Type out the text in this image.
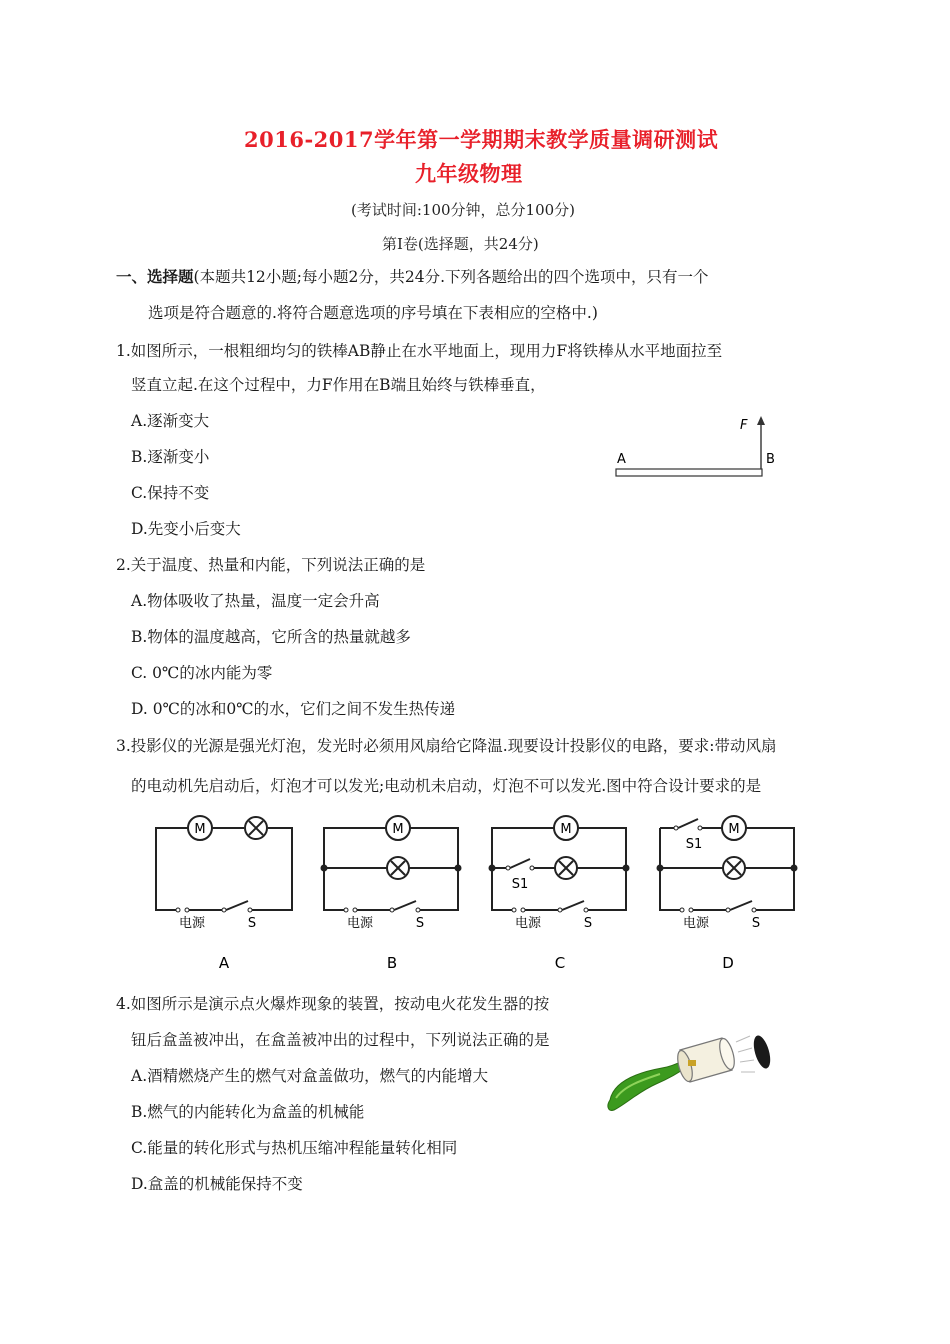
2016-2017学年第一学期期末教学质量调研测试
九年级物理
(考试时间:100分钟，总分100分)
第Ⅰ卷(选择题，共24分)
一、选择题(本题共12小题;每小题2分，共24分.下列各题给出的四个选项中，只有一个
选项是符合题意的.将符合题意选项的序号填在下表相应的空格中.)
1.如图所示，一根粗细均匀的铁棒AB静止在水平地面上，现用力F将铁棒从水平地面拉至
竖直立起.在这个过程中，力F作用在B端且始终与铁棒垂直，
A.逐渐变大
B.逐渐变小
C.保持不变
D.先变小后变大
A	B
F
2.关于温度、热量和内能，下列说法正确的是
A.物体吸收了热量，温度一定会升高
B.物体的温度越高，它所含的热量就越多
C. 0℃的冰内能为零
D. 0℃的冰和0℃的水，它们之间不发生热传递
3.投影仪的光源是强光灯泡，发光时必须用风扇给它降温.现要设计投影仪的电路，要求:带动风扇
的电动机先启动后，灯泡才可以发光;电动机未启动，灯泡不可以发光.图中符合设计要求的是
M
电源	S
A
M
电源	S
B
M
S1
电源	S
C
M
S1
电源	S
D
4.如图所示是演示点火爆炸现象的装置，按动电火花发生器的按
钮后盒盖被冲出，在盒盖被冲出的过程中，下列说法正确的是
A.酒精燃烧产生的燃气对盒盖做功，燃气的内能增大
B.燃气的内能转化为盒盖的机械能
C.能量的转化形式与热机压缩冲程能量转化相同
D.盒盖的机械能保持不变
